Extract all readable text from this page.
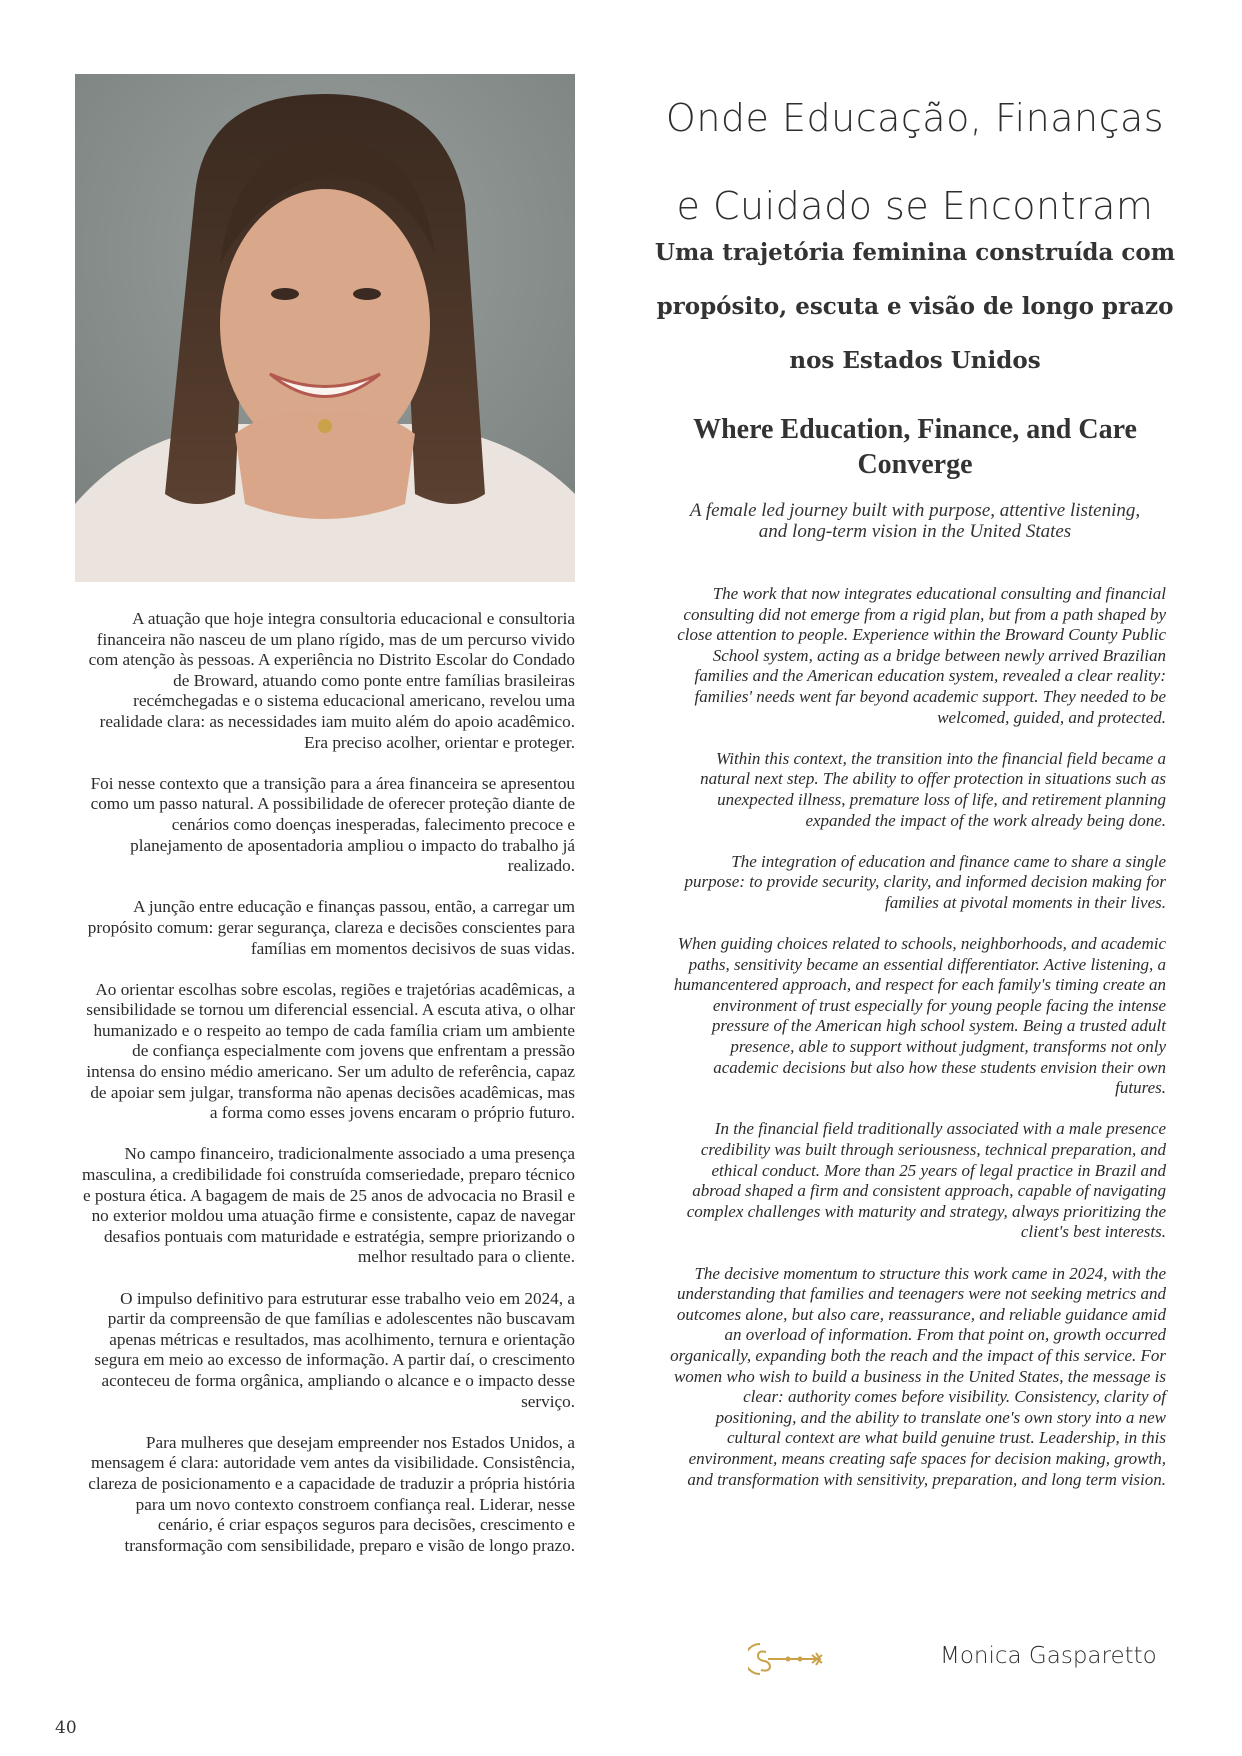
Onde Educação, Finanças
e Cuidado se Encontram
Uma trajetória feminina construída com propósito, escuta e visão de longo prazo nos Estados Unidos
Where Education, Finance, and Care Converge

A female led journey built with purpose, attentive listening, and long-term vision in the United States

A atuação que hoje integra consultoria educacional e consultoria financeira não nasceu de um plano rígido, mas de um percurso vivido com atenção às pessoas. A experiência no Distrito Escolar do Condado de Broward, atuando como ponte entre famílias brasileiras recémchegadas e o sistema educacional americano, revelou uma realidade clara: as necessidades iam muito além do apoio acadêmico. Era preciso acolher, orientar e proteger.

Foi nesse contexto que a transição para a área financeira se apresentou como um passo natural. A possibilidade de oferecer proteção diante de cenários como doenças inesperadas, falecimento precoce e planejamento de aposentadoria ampliou o impacto do trabalho já realizado.

A junção entre educação e finanças passou, então, a carregar um propósito comum: gerar segurança, clareza e decisões conscientes para famílias em momentos decisivos de suas vidas.

Ao orientar escolhas sobre escolas, regiões e trajetórias acadêmicas, a sensibilidade se tornou um diferencial essencial. A escuta ativa, o olhar humanizado e o respeito ao tempo de cada família criam um ambiente de confiança especialmente com jovens que enfrentam a pressão intensa do ensino médio americano. Ser um adulto de referência, capaz de apoiar sem julgar, transforma não apenas decisões acadêmicas, mas a forma como esses jovens encaram o próprio futuro.

No campo financeiro, tradicionalmente associado a uma presença masculina, a credibilidade foi construída comseriedade, preparo técnico e postura ética. A bagagem de mais de 25 anos de advocacia no Brasil e no exterior moldou uma atuação firme e consistente, capaz de navegar desafios pontuais com maturidade e estratégia, sempre priorizando o melhor resultado para o cliente.

O impulso definitivo para estruturar esse trabalho veio em 2024, a partir da compreensão de que famílias e adolescentes não buscavam apenas métricas e resultados, mas acolhimento, ternura e orientação segura em meio ao excesso de informação. A partir daí, o crescimento aconteceu de forma orgânica, ampliando o alcance e o impacto desse serviço.

Para mulheres que desejam empreender nos Estados Unidos, a mensagem é clara: autoridade vem antes da visibilidade. Consistência, clareza de posicionamento e a capacidade de traduzir a própria história para um novo contexto constroem confiança real. Liderar, nesse cenário, é criar espaços seguros para decisões, crescimento e transformação com sensibilidade, preparo e visão de longo prazo.

The work that now integrates educational consulting and financial consulting did not emerge from a rigid plan, but from a path shaped by close attention to people. Experience within the Broward County Public School system, acting as a bridge between newly arrived Brazilian families and the American education system, revealed a clear reality: families' needs went far beyond academic support. They needed to be welcomed, guided, and protected.

Within this context, the transition into the financial field became a natural next step. The ability to offer protection in situations such as unexpected illness, premature loss of life, and retirement planning expanded the impact of the work already being done.

The integration of education and finance came to share a single purpose: to provide security, clarity, and informed decision making for families at pivotal moments in their lives.

When guiding choices related to schools, neighborhoods, and academic paths, sensitivity became an essential differentiator. Active listening, a humancentered approach, and respect for each family's timing create an environment of trust especially for young people facing the intense pressure of the American high school system. Being a trusted adult presence, able to support without judgment, transforms not only academic decisions but also how these students envision their own futures.

In the financial field traditionally associated with a male presence credibility was built through seriousness, technical preparation, and ethical conduct. More than 25 years of legal practice in Brazil and abroad shaped a firm and consistent approach, capable of navigating complex challenges with maturity and strategy, always prioritizing the client's best interests.

The decisive momentum to structure this work came in 2024, with the understanding that families and teenagers were not seeking metrics and outcomes alone, but also care, reassurance, and reliable guidance amid an overload of information. From that point on, growth occurred organically, expanding both the reach and the impact of this service. For women who wish to build a business in the United States, the message is clear: authority comes before visibility. Consistency, clarity of positioning, and the ability to translate one's own story into a new cultural context are what build genuine trust. Leadership, in this environment, means creating safe spaces for decision making, growth, and transformation with sensitivity, preparation, and long term vision.

Monica Gasparetto
40
